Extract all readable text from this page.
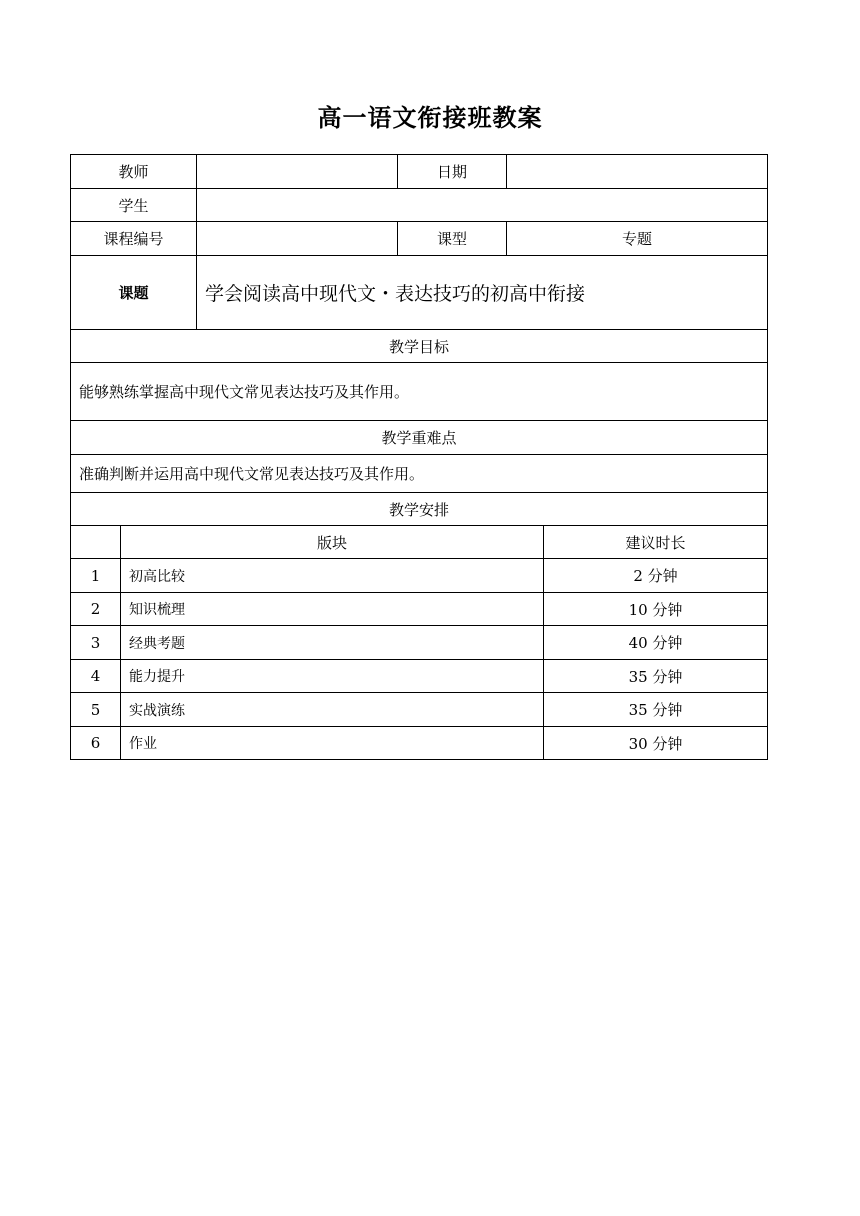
高一语文衔接班教案
教师		日期	
学生			
课程编号		课型	专题
课题	学会阅读高中现代文・表达技巧的初高中衔接		
教学目标			
能够熟练掌握高中现代文常见表达技巧及其作用。			
教学重难点			
准确判断并运用高中现代文常见表达技巧及其作用。			
教学安排			
	版块	建议时长
1	初高比较	2 分钟
2	知识梳理	10 分钟
3	经典考题	40 分钟
4	能力提升	35 分钟
5	实战演练	35 分钟
6	作业	30 分钟
